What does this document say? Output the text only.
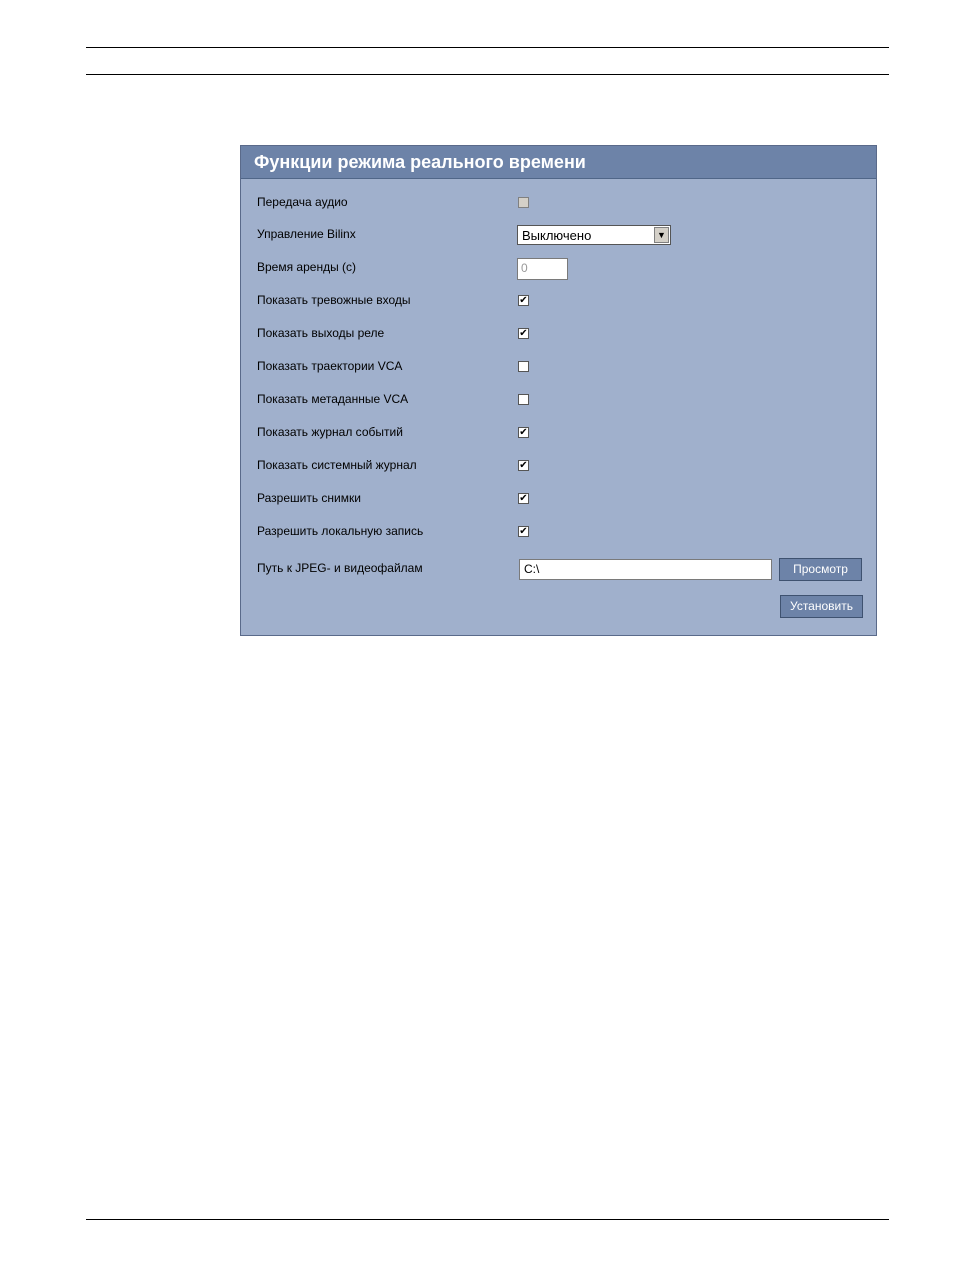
Функции режима реального времени
Передача аудио
Управление Bilinx	Выключено	▼
Время аренды (с)	0
Показать тревожные входы	✔
Показать выходы реле	✔
Показать траектории VCA
Показать метаданные VCA
Показать журнал событий	✔
Показать системный журнал	✔
Разрешить снимки	✔
Разрешить локальную запись	✔
Путь к JPEG- и видеофайлам	C:\	Просмотр
Установить
